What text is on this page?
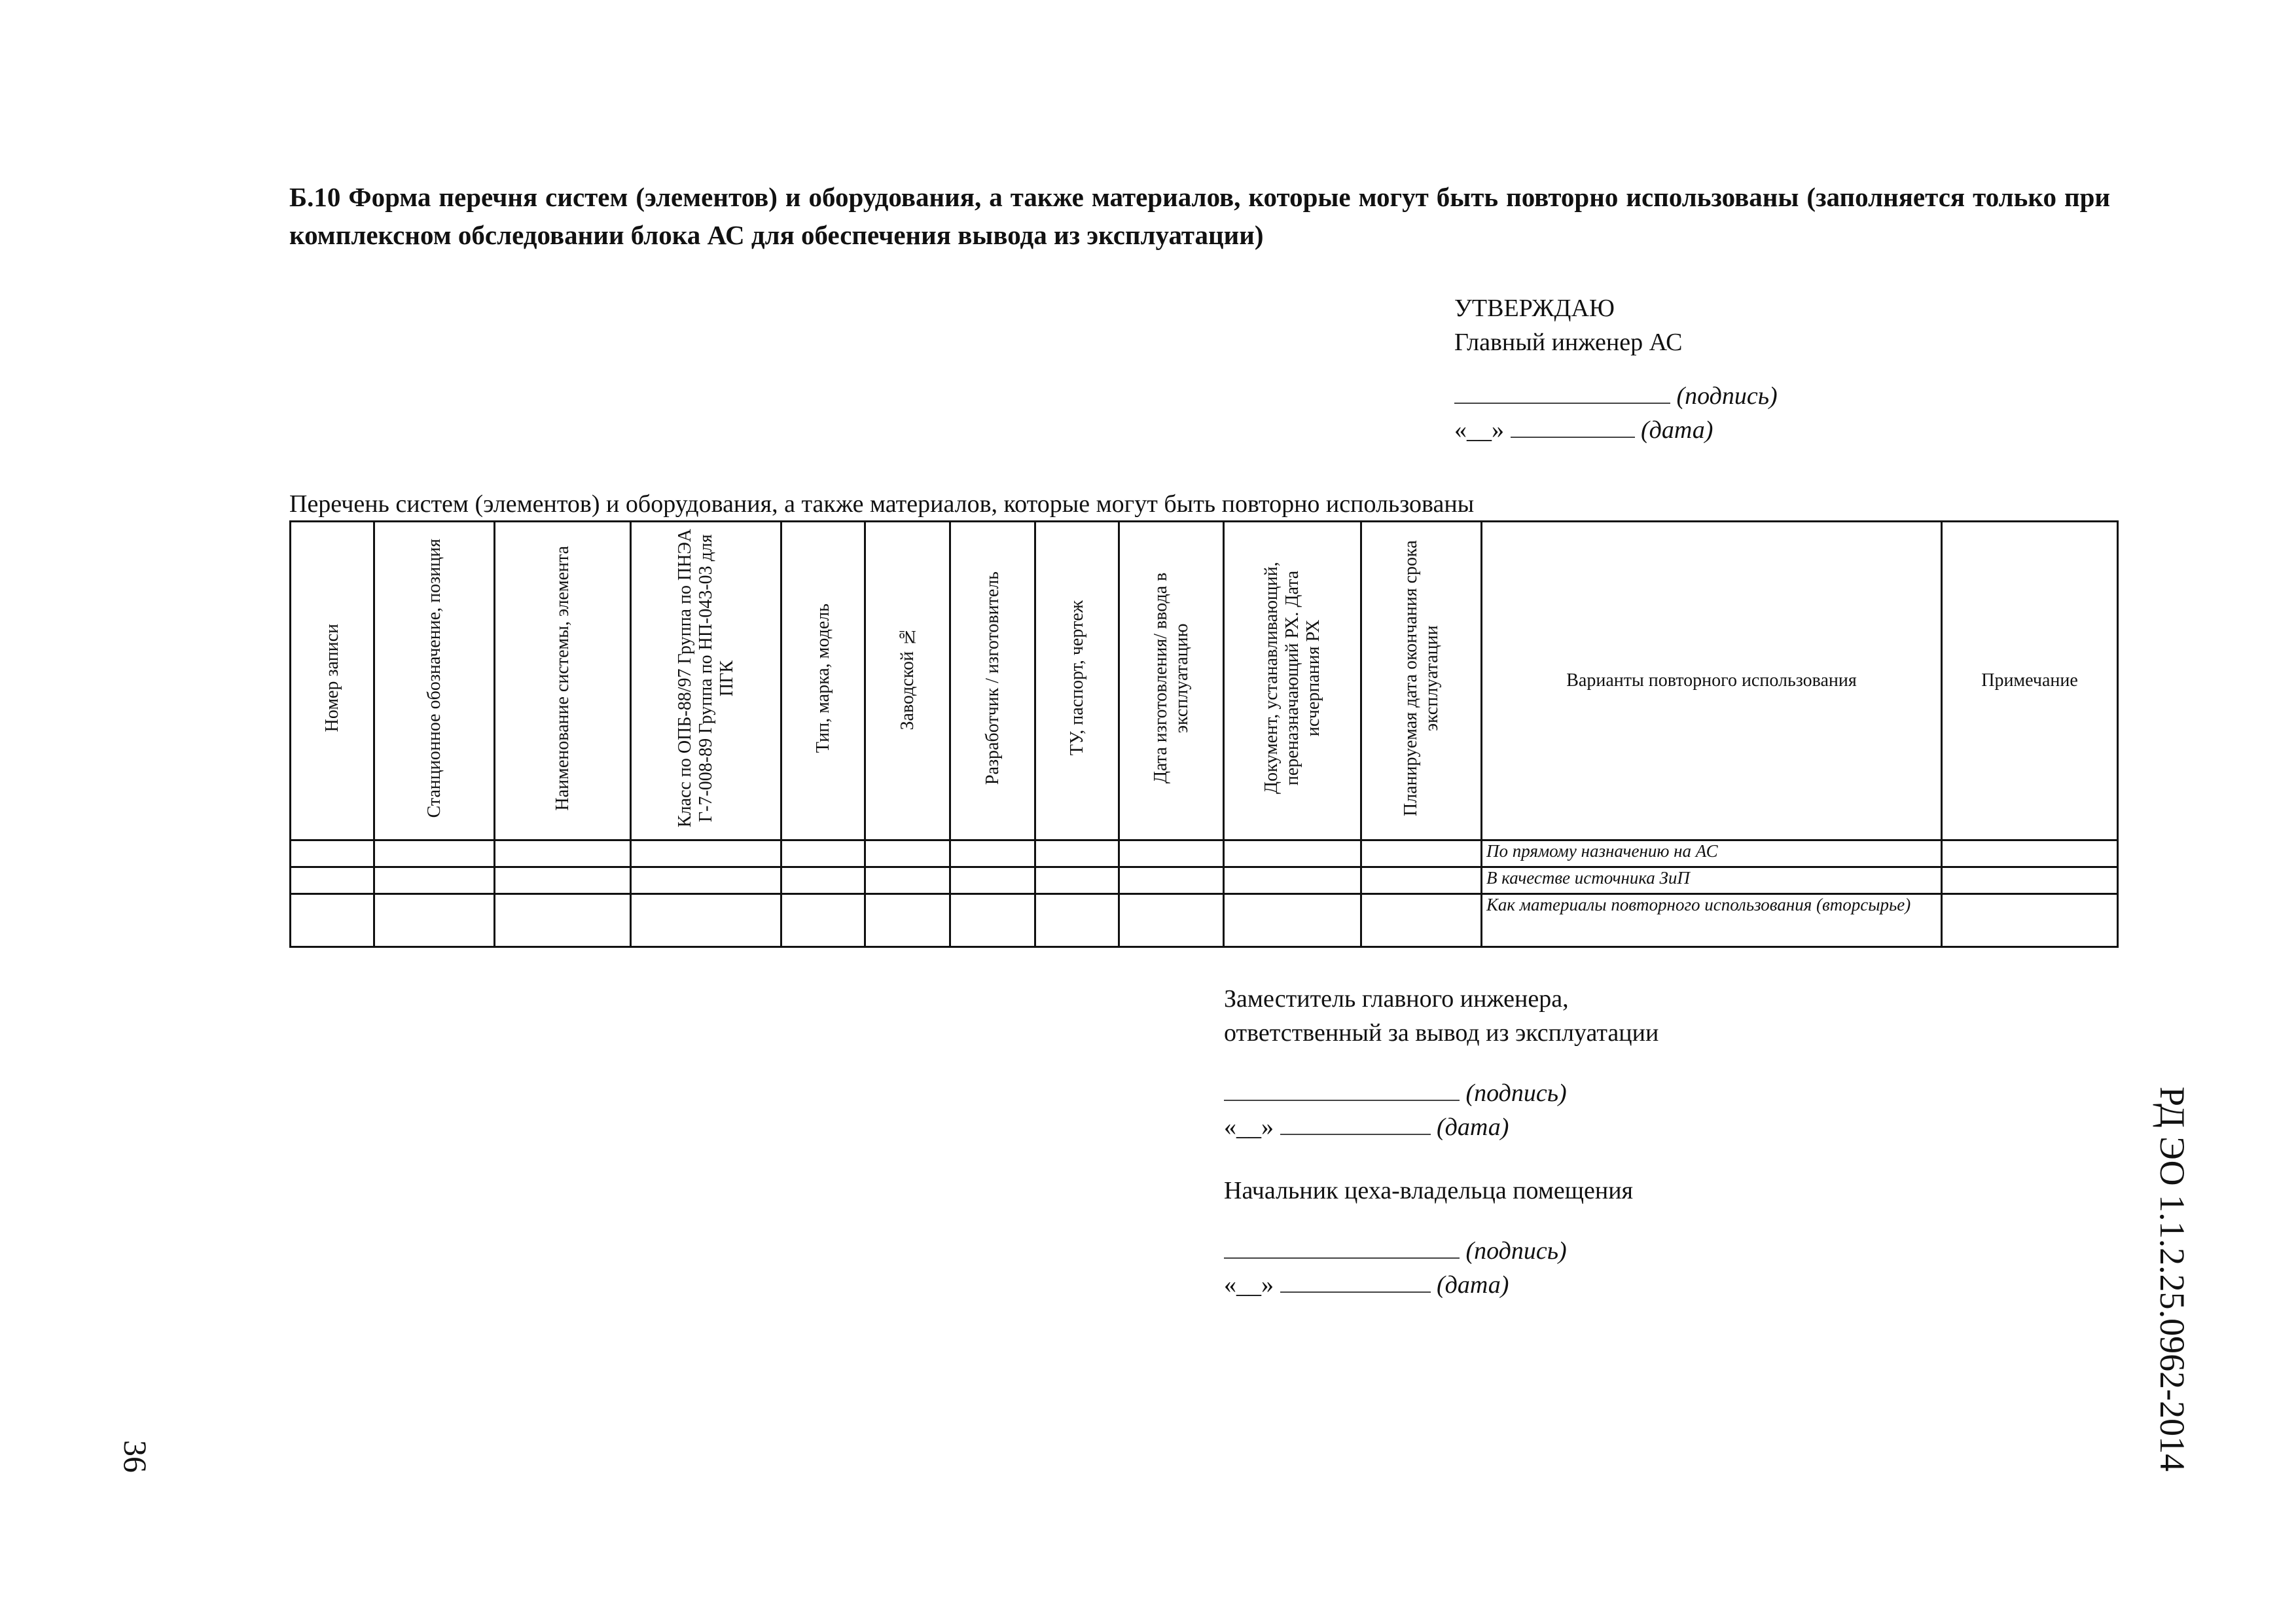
Б.10 Форма перечня систем (элементов) и оборудования, а также материалов, которые могут быть повторно использованы (заполняется только при комплексном обследовании блока АС для обеспечения вывода из эксплуатации)
УТВЕРЖДАЮ
Главный инженер АС
(подпись)
«__»	(дата)
Перечень систем (элементов) и оборудования, а также материалов, которые могут быть повторно использованы
Номер записи	Станционное обозначение, позиция	Наименование системы, элемента	Класс по ОПБ-88/97 Группа по ПНЭА Г-7-008-89 Группа по НП-043-03 для ПГК	Тип, марка, модель	Заводской №	Разработчик / изготовитель	ТУ, паспорт, чертеж	Дата изготовления/ ввода в эксплуатацию	Документ, устанавливающий, переназначающий РХ. Дата исчерпания РХ	Планируемая дата окончания срока эксплуатации	Варианты повторного использования	Примечание
											По прямому назначению на АС	
											В качестве источника ЗиП	
											Как материалы повторного использования (вторсырье)	
Заместитель главного инженера,
ответственный за вывод из эксплуатации
(подпись)
«__»	(дата)
Начальник цеха-владельца помещения
(подпись)
«__»	(дата)	РД ЭО 1.1.2.25.0962-2014
36
